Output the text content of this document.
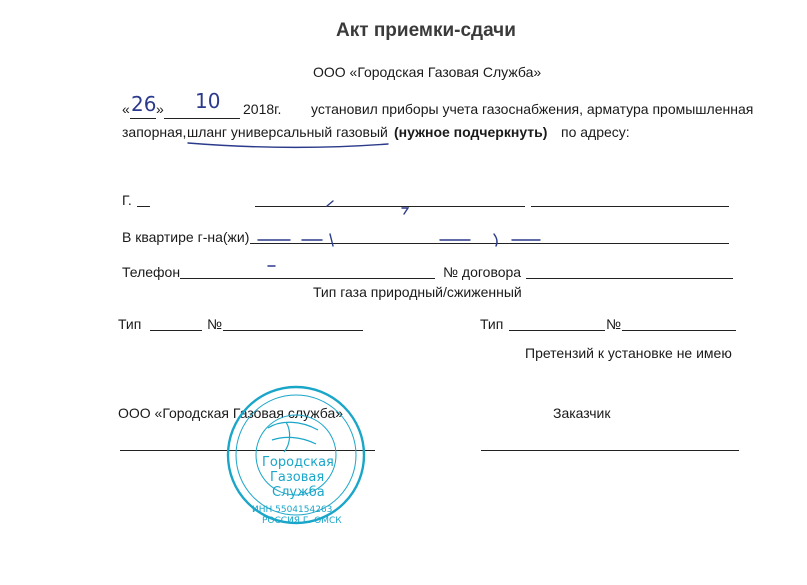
Акт приемки-сдачи
ООО «Городская Газовая Служба»
« 26 » 10 2018г. установил приборы учета газоснабжения, арматура промышленная
запорная, шланг универсальный газовый (нужное подчеркнуть) по адресу:
Г.
В квартире г-на(жи)
Телефон	№ договора
Тип газа природный/сжиженный
Тип	№	Тип	№
Претензий к установке не имею
ООО «Городская Газовая служба»	Заказчик
Городская
Газовая
Служба
ИНН 5504154263
РОССИЯ Г. ОМСК
